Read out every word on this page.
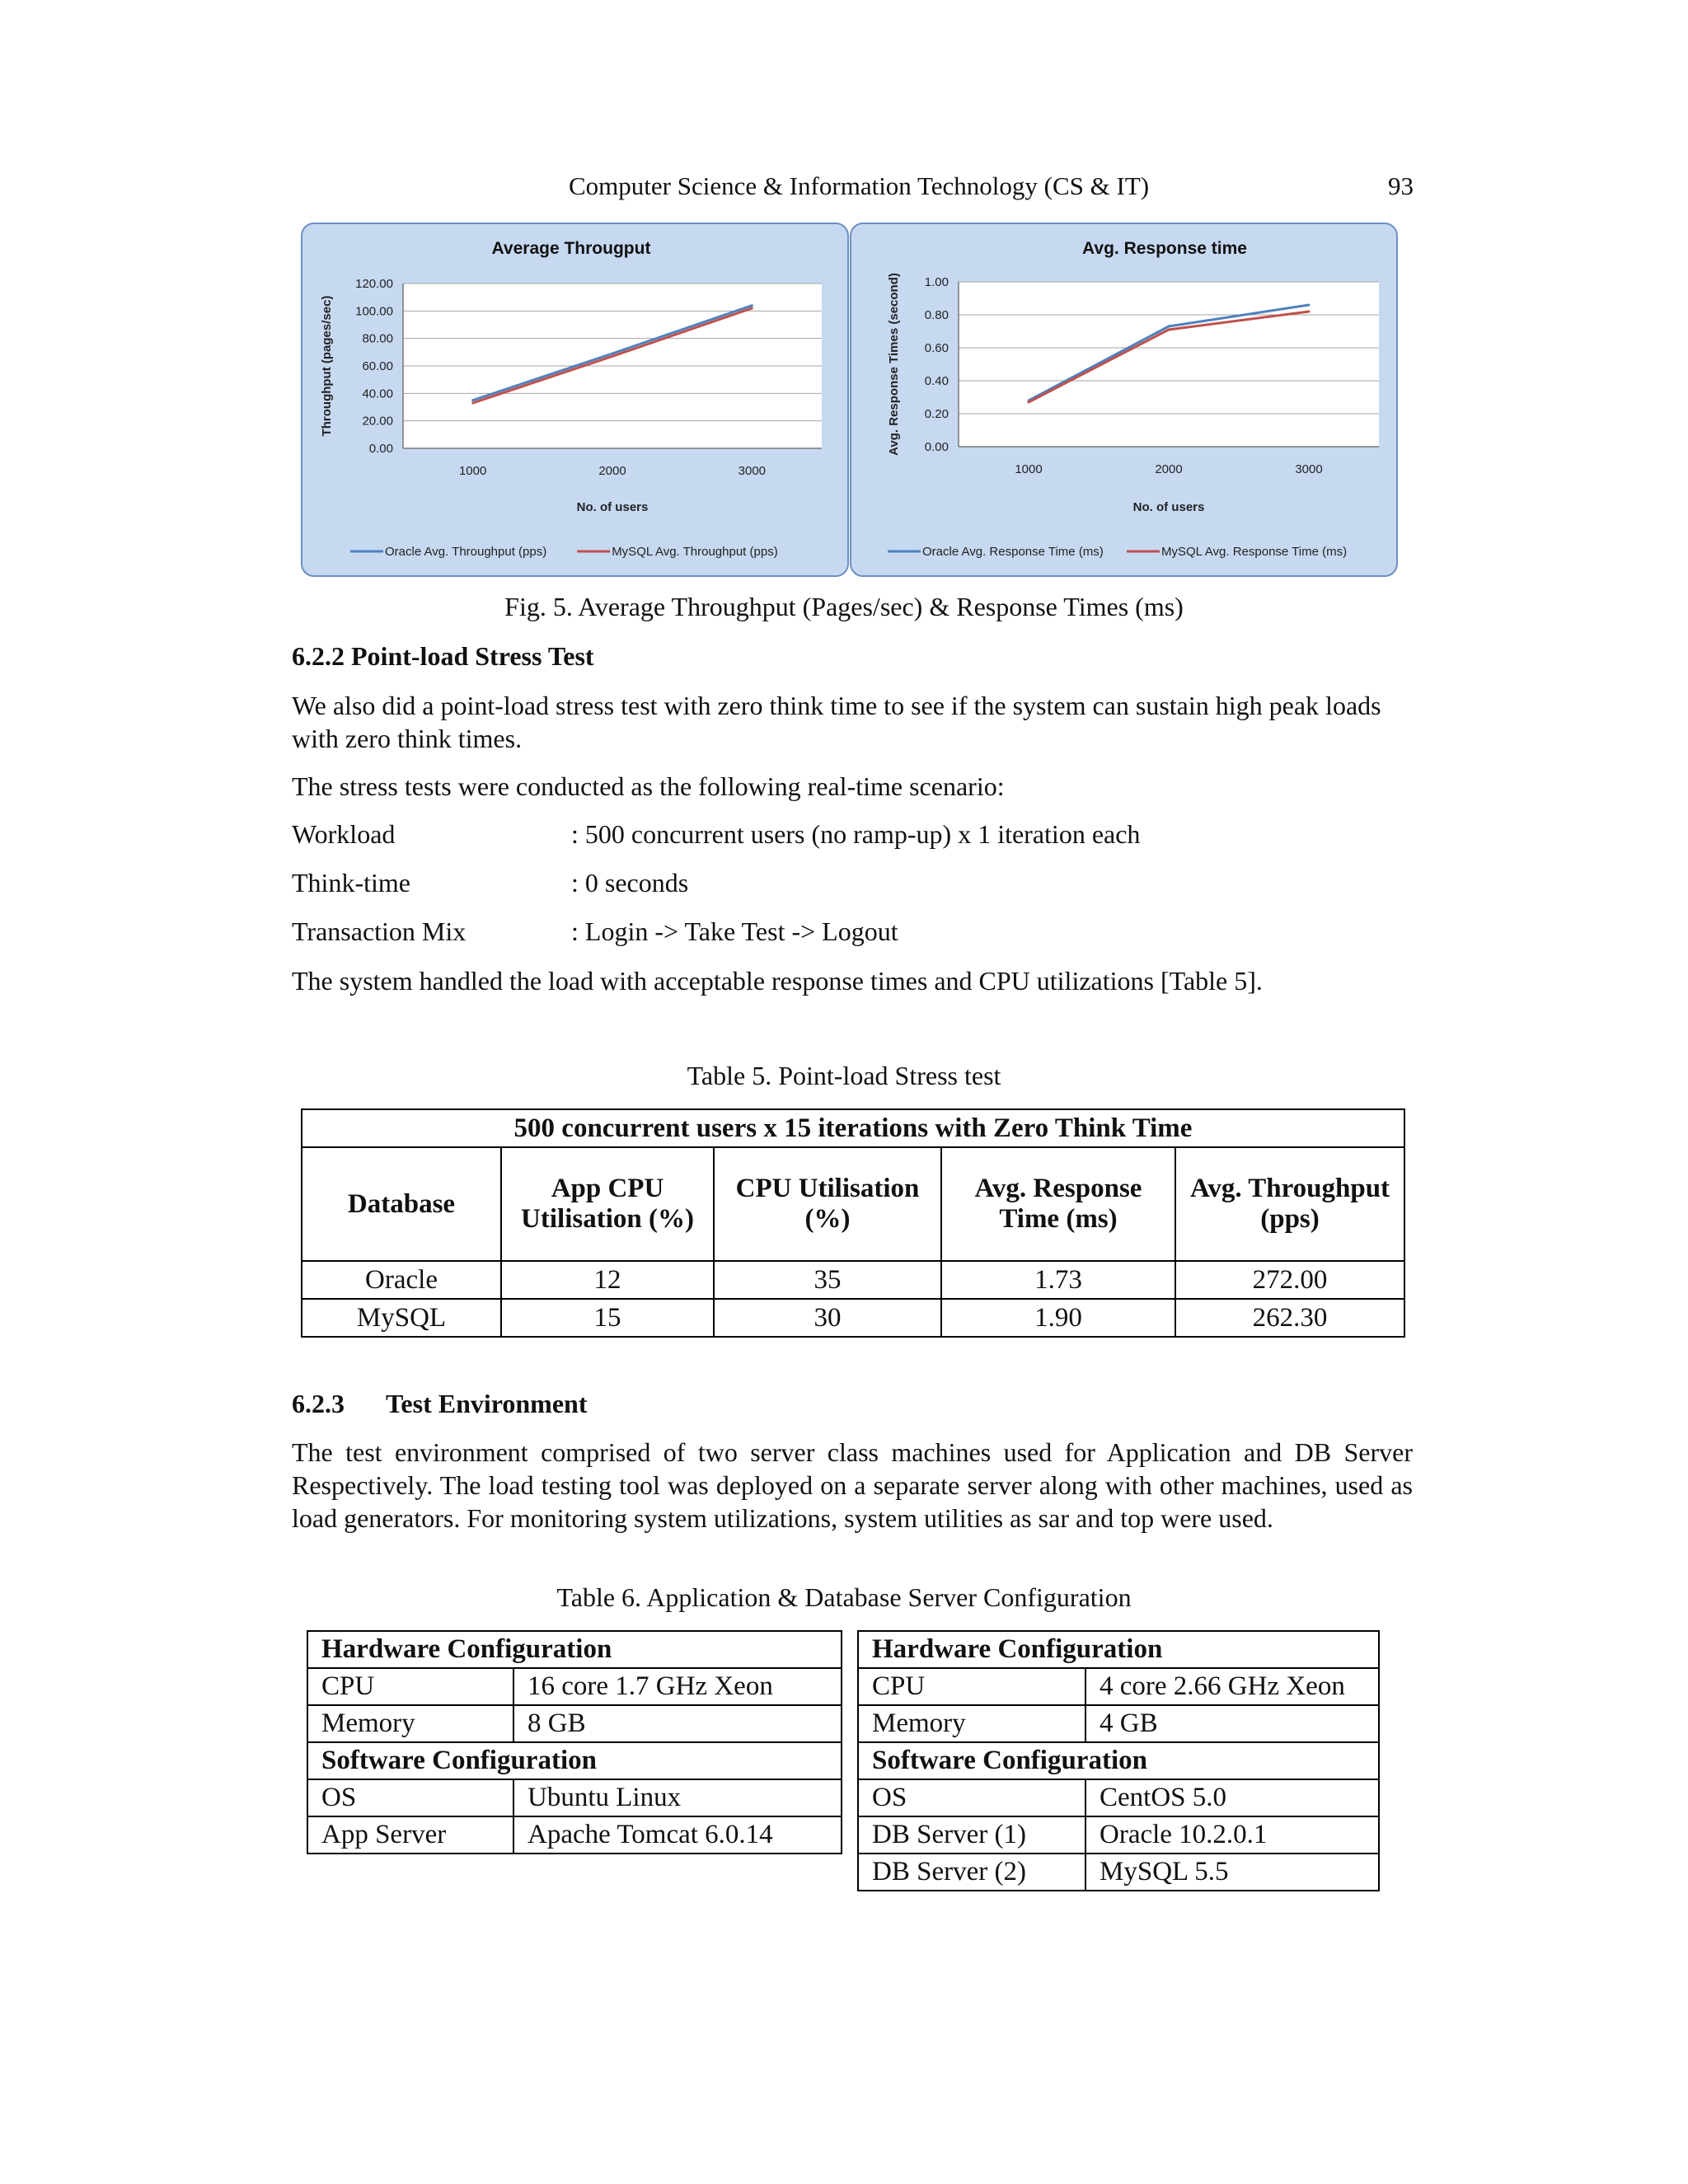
Computer Science & Information Technology (CS & IT)	93
0.00
20.00
40.00
60.00
80.00
100.00
120.00
1000	2000	3000
Average Througput
No. of users
Throughput (pages/sec)
Oracle Avg. Throughput (pps)	MySQL Avg. Throughput (pps)
0.00
0.20
0.40
0.60
0.80
1.00
1000	2000	3000
Avg. Response time
No. of users
Avg. Response Times (second)
Oracle Avg. Response Time (ms)	MySQL Avg. Response Time (ms)
Fig. 5. Average Throughput (Pages/sec) & Response Times (ms)
6.2.2 Point-load Stress Test
We also did a point-load stress test with zero think time to see if the system can sustain high peak loads with zero think times.
The stress tests were conducted as the following real-time scenario:
Workload	: 500 concurrent users (no ramp-up) x 1 iteration each
Think-time	: 0 seconds
Transaction Mix	: Login -> Take Test -> Logout
The system handled the load with acceptable response times and CPU utilizations [Table 5].
Table 5. Point-load Stress test
500 concurrent users x 15 iterations with Zero Think Time				
Database	App CPU Utilisation (%)	CPU Utilisation (%)	Avg. Response Time (ms)	Avg. Throughput (pps)
Oracle	12	35	1.73	272.00
MySQL	15	30	1.90	262.30
6.2.3 Test Environment
The test environment comprised of two server class machines used for Application and DB Server Respectively. The load testing tool was deployed on a separate server along with other machines, used as load generators. For monitoring system utilizations, system utilities as sar and top were used.
Table 6. Application & Database Server Configuration
Hardware Configuration	
CPU	16 core 1.7 GHz Xeon
Memory	8 GB
Software Configuration	
OS	Ubuntu Linux
App Server	Apache Tomcat 6.0.14
Hardware Configuration	
CPU	4 core 2.66 GHz Xeon
Memory	4 GB
Software Configuration	
OS	CentOS 5.0
DB Server (1)	Oracle 10.2.0.1
DB Server (2)	MySQL 5.5
